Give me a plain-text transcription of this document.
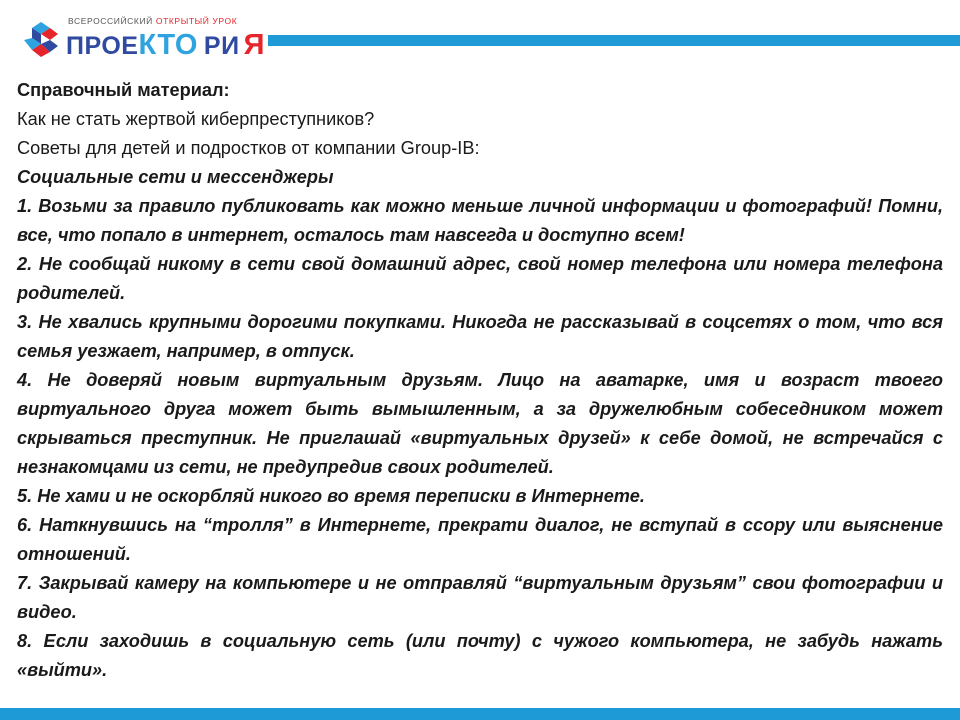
ВСЕРОССИЙСКИЙ ОТКРЫТЫЙ УРОК
ПРОЕКТО РИ Я

Справочный материал:

Как не стать жертвой киберпреступников?

Советы для детей и подростков от компании Group-IB:

Социальные сети и мессенджеры

1. Возьми за правило публиковать как можно меньше личной информации и фотографий! Помни, все, что попало в интернет, осталось там навсегда и доступно всем!

2. Не сообщай никому в сети свой домашний адрес, свой номер телефона или номера телефона родителей.

3. Не хвались крупными дорогими покупками. Никогда не рассказывай в соцсетях о том, что вся семья уезжает, например, в отпуск.

4. Не доверяй новым виртуальным друзьям. Лицо на аватарке, имя и возраст твоего виртуального друга может быть вымышленным, а за дружелюбным собеседником может скрываться преступник. Не приглашай «виртуальных друзей» к себе домой, не встречайся с незнакомцами из сети, не предупредив своих родителей.

5. Не хами и не оскорбляй никого во время переписки в Интернете.

6. Наткнувшись на “тролля” в Интернете, прекрати диалог, не вступай в ссору или выяснение отношений.

7. Закрывай камеру на компьютере и не отправляй “виртуальным друзьям” свои фотографии и видео.

8. Если заходишь в социальную сеть (или почту) с чужого компьютера, не забудь нажать «выйти».
